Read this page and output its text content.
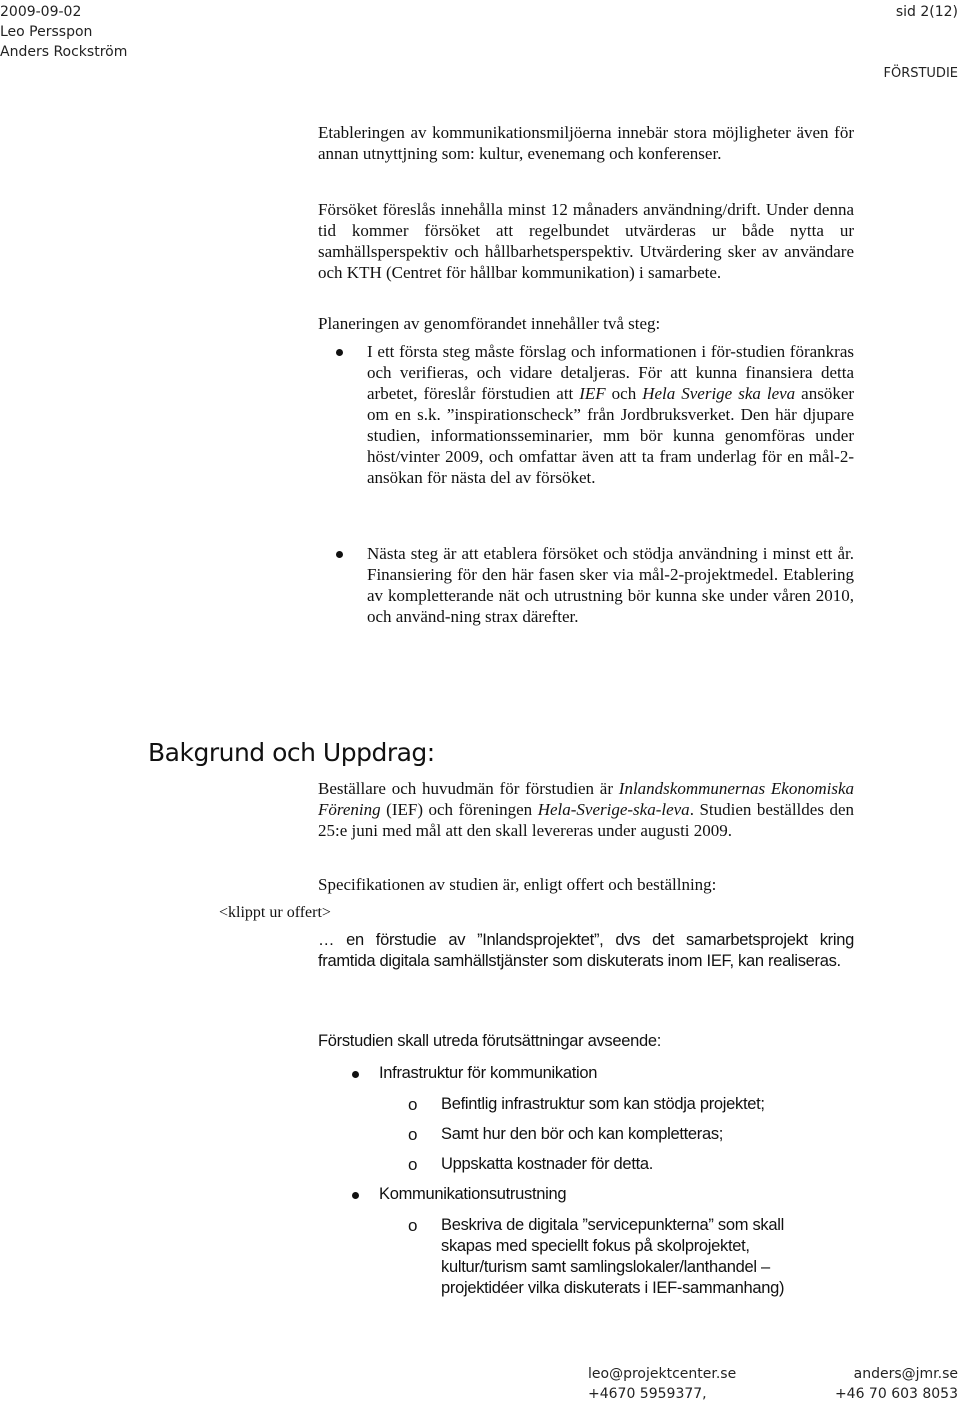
2009-09-02
Leo Persspon
Anders Rockström
sid 2(12)
FÖRSTUDIE

Etableringen av kommunikationsmiljöerna innebär stora möjligheter även för annan utnyttjning som: kultur, evenemang och konferenser.

Försöket föreslås innehålla minst 12 månaders användning/drift. Under denna tid kommer försöket att regelbundet utvärderas ur både nytta ur samhällsperspektiv och hållbarhetsperspektiv. Utvärdering sker av användare och KTH (Centret för hållbar kommunikation) i samarbete.

Planeringen av genomförandet innehåller två steg:

I ett första steg måste förslag och informationen i för-studien förankras och verifieras, och vidare detaljeras. För att kunna finansiera detta arbetet, föreslår förstudien att IEF och Hela Sverige ska leva ansöker om en s.k. ”inspirationscheck” från Jordbruksverket. Den här djupare studien, informationsseminarier, mm bör kunna genomföras under höst/vinter 2009, och omfattar även att ta fram underlag för en mål-2-ansökan för nästa del av försöket.

Nästa steg är att etablera försöket och stödja användning i minst ett år. Finansiering för den här fasen sker via mål-2-projektmedel. Etablering av kompletterande nät och utrustning bör kunna ske under våren 2010, och använd-ning strax därefter.

Bakgrund och Uppdrag:

Beställare och huvudmän för förstudien är Inlandskommunernas Ekonomiska Förening (IEF) och föreningen Hela-Sverige-ska-leva. Studien beställdes den 25:e juni med mål att den skall levereras under augusti 2009.

Specifikationen av studien är, enligt offert och beställning:

<klippt ur offert>

… en förstudie av ”Inlandsprojektet”, dvs det samarbetsprojekt kring framtida digitala samhällstjänster som diskuterats inom IEF, kan realiseras.

Förstudien skall utreda förutsättningar avseende:

Infrastruktur för kommunikation

o Befintlig infrastruktur som kan stödja projektet;

o Samt hur den bör och kan kompletteras;

o Uppskatta kostnader för detta.

Kommunikationsutrustning

o Beskriva de digitala ”servicepunkterna” som skall

skapas med speciellt fokus på skolprojektet,

kultur/turism samt samlingslokaler/lanthandel –

projektidéer vilka diskuterats i IEF-sammanhang)

leo@projektcenter.se
+4670 5959377,
anders@jmr.se
+46 70 603 8053
